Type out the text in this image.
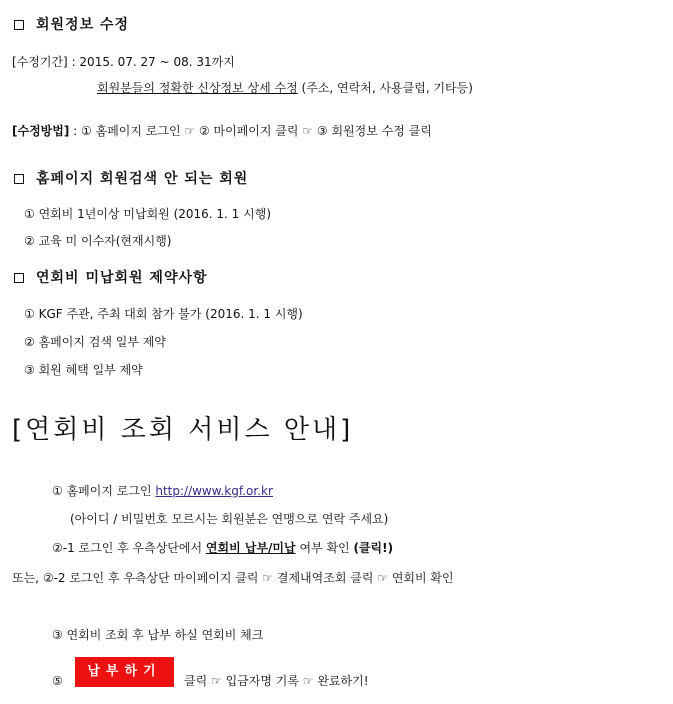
회원정보 수정
[수정기간] : 2015. 07. 27 ~ 08. 31까지
회원분들의 정확한 신상정보 상세 수정 (주소, 연락처, 사용클럽, 기타등)
[수정방법] : ① 홈페이지 로그인 ☞ ② 마이페이지 클릭 ☞ ③ 회원정보 수정 클릭
홈페이지 회원검색 안 되는 회원
① 연회비 1년이상 미납회원 (2016. 1. 1 시행)
② 교육 미 이수자(현재시행)
연회비 미납회원 제약사항
① KGF 주관, 주최 대회 참가 불가 (2016. 1. 1 시행)
② 홈페이지 검색 일부 제약
③ 회원 혜택 일부 제약
[연회비 조회 서비스 안내]
① 홈페이지 로그인 http://www.kgf.or.kr
(아이디 / 비밀번호 모르시는 회원분은 연맹으로 연락 주세요)
②-1 로그인 후 우측상단에서 연회비 납부/미납 여부 확인 (클릭!)
또는, ②-2 로그인 후 우측상단 마이페이지 클릭 ☞ 결제내역조회 클릭 ☞ 연회비 확인
③ 연회비 조회 후 납부 하실 연회비 체크
⑤
납부하기
클릭 ☞ 입금자명 기록 ☞ 완료하기!
